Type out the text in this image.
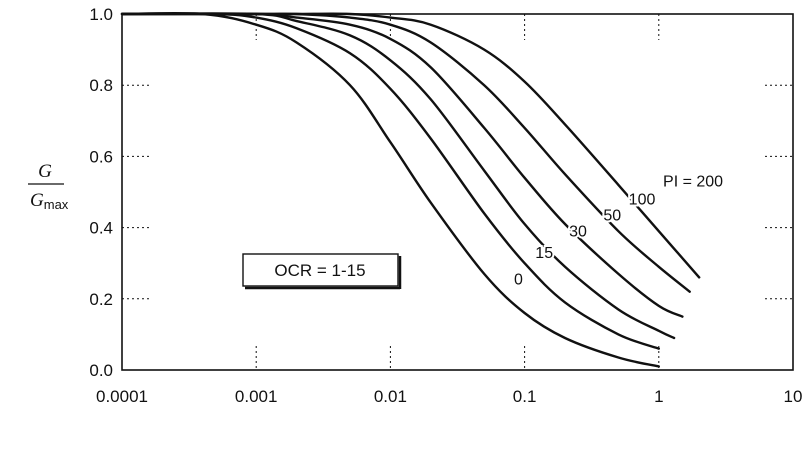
0.0001	0.001	0.01	0.1	1	10
0.0
0.2
0.4
0.6
0.8
1.0
0
15
30
50
100
PI = 200
G
Gmax
OCR = 1-15
